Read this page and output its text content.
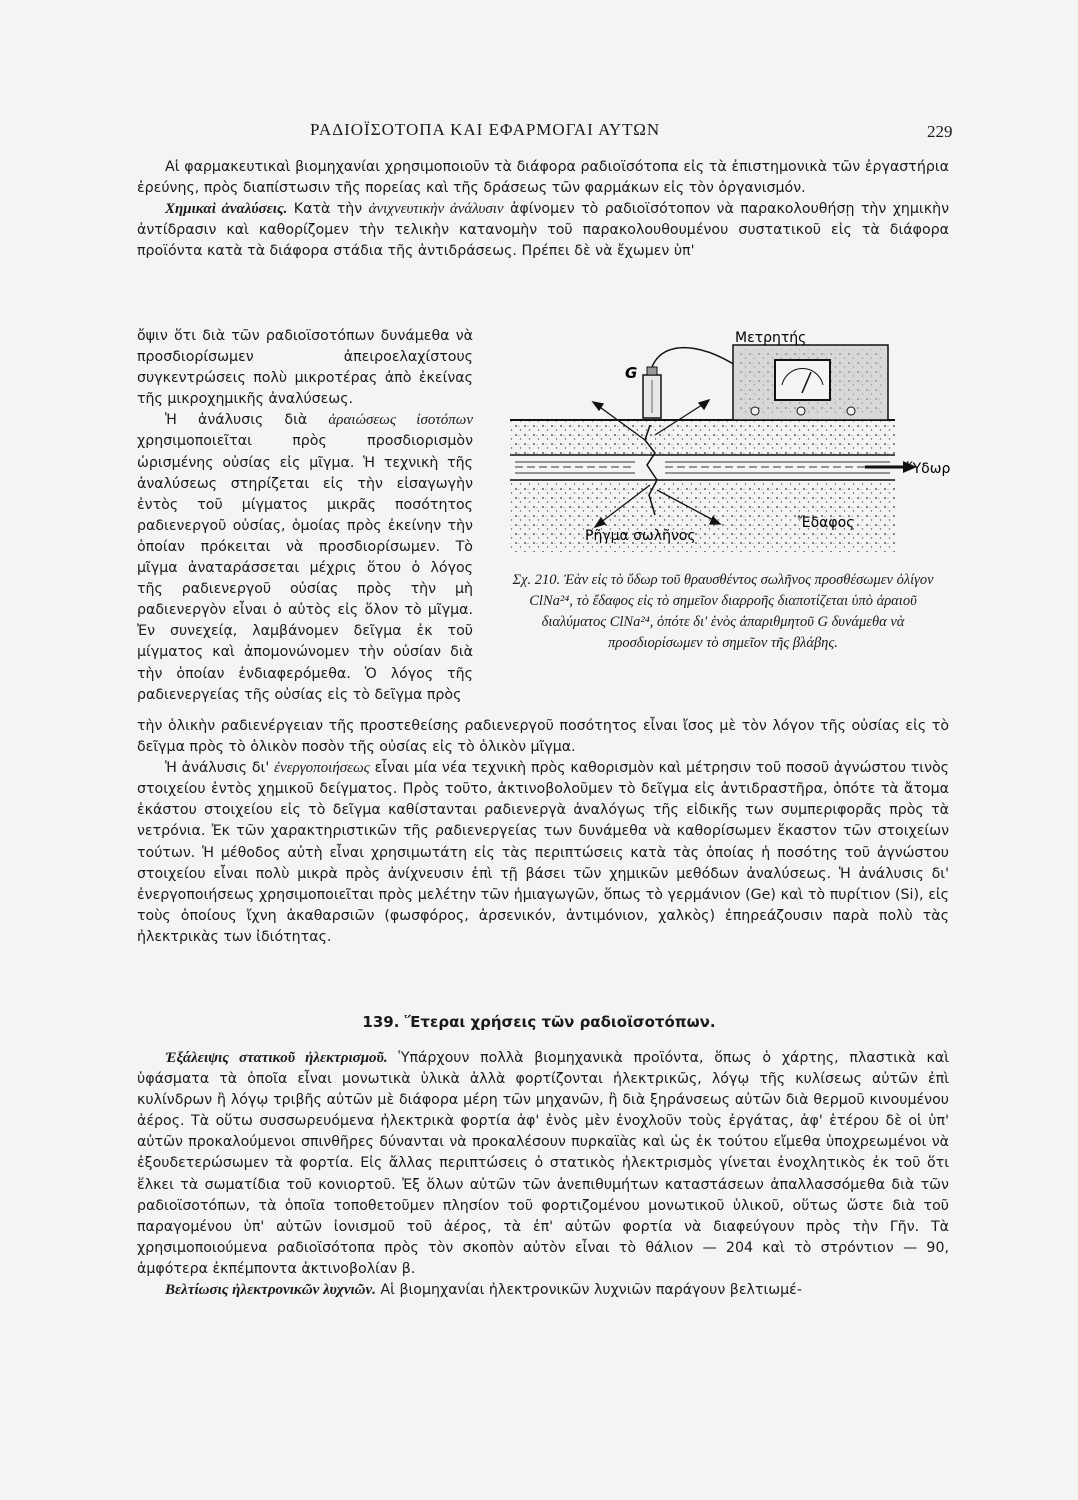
ΡΑΔΙΟΪΣΟΤΟΠΑ ΚΑΙ ΕΦΑΡΜΟΓΑΙ ΑΥΤΩΝ	229

Αἱ φαρμακευτικαὶ βιομηχανίαι χρησιμοποιοῦν τὰ διάφορα ραδιοϊσότοπα εἰς τὰ ἐπιστημονικὰ τῶν ἐργαστήρια ἐρεύνης, πρὸς διαπίστωσιν τῆς πορείας καὶ τῆς δράσεως τῶν φαρμάκων εἰς τὸν ὀργανισμόν.

Χημικαὶ ἀναλύσεις. Κατὰ τὴν ἀνιχνευτικὴν ἀνάλυσιν ἀφίνομεν τὸ ραδιοϊσότοπον νὰ παρακολουθήσῃ τὴν χημικὴν ἀντίδρασιν καὶ καθορίζομεν τὴν τελικὴν κατανομὴν τοῦ παρακολουθουμένου συστατικοῦ εἰς τὰ διάφορα προϊόντα κατὰ τὰ διάφορα στάδια τῆς ἀντιδράσεως. Πρέπει δὲ νὰ ἔχωμεν ὑπ'

ὄψιν ὅτι διὰ τῶν ραδιοϊσοτόπων δυνάμεθα νὰ προσδιορίσωμεν ἀπειροελαχίστους συγκεντρώσεις πολὺ μικροτέρας ἀπὸ ἐκείνας τῆς μικροχημικῆς ἀναλύσεως.

Ἡ ἀνάλυσις διὰ ἀραιώσεως ἰσοτόπων χρησιμοποιεῖται πρὸς προσδιορισμὸν ὡρισμένης οὐσίας εἰς μῖγμα. Ἡ τεχνικὴ τῆς ἀναλύσεως στηρίζεται εἰς τὴν εἰσαγωγὴν ἐντὸς τοῦ μίγματος μικρᾶς ποσότητος ραδιενεργοῦ οὐσίας, ὁμοίας πρὸς ἐκείνην τὴν ὁποίαν πρόκειται νὰ προσδιορίσωμεν. Τὸ μῖγμα ἀναταράσσεται μέχρις ὅτου ὁ λόγος τῆς ραδιενεργοῦ οὐσίας πρὸς τὴν μὴ ραδιενεργὸν εἶναι ὁ αὐτὸς εἰς ὅλον τὸ μῖγμα. Ἐν συνεχείᾳ, λαμβάνομεν δεῖγμα ἐκ τοῦ μίγματος καὶ ἀπομονώνομεν τὴν οὐσίαν διὰ τὴν ὁποίαν ἐνδιαφερόμεθα. Ὁ λόγος τῆς ραδιενεργείας τῆς οὐσίας εἰς τὸ δεῖγμα πρὸς

Μετρητής
G
Ὕδωρ
Ἔδαφος
Ρῆγμα σωλῆνος
Σχ. 210. Ἐὰν εἰς τὸ ὕδωρ τοῦ θραυσθέντος σωλῆνος προσθέσωμεν ὀλίγον ClNa²⁴, τὸ ἔδαφος εἰς τὸ σημεῖον διαρροῆς διαποτίζεται ὑπὸ ἀραιοῦ διαλύματος ClNa²⁴, ὁπότε δι' ἑνὸς ἀπαριθμητοῦ G δυνάμεθα νὰ προσδιορίσωμεν τὸ σημεῖον τῆς βλάβης.

τὴν ὁλικὴν ραδιενέργειαν τῆς προστεθείσης ραδιενεργοῦ ποσότητος εἶναι ἴσος μὲ τὸν λόγον τῆς οὐσίας εἰς τὸ δεῖγμα πρὸς τὸ ὁλικὸν ποσὸν τῆς οὐσίας εἰς τὸ ὁλικὸν μῖγμα.

Ἡ ἀνάλυσις δι' ἐνεργοποιήσεως εἶναι μία νέα τεχνικὴ πρὸς καθορισμὸν καὶ μέτρησιν τοῦ ποσοῦ ἀγνώστου τινὸς στοιχείου ἐντὸς χημικοῦ δείγματος. Πρὸς τοῦτο, ἀκτινοβολοῦμεν τὸ δεῖγμα εἰς ἀντιδραστῆρα, ὁπότε τὰ ἄτομα ἑκάστου στοιχείου εἰς τὸ δεῖγμα καθίστανται ραδιενεργὰ ἀναλόγως τῆς εἰδικῆς των συμπεριφορᾶς πρὸς τὰ νετρόνια. Ἐκ τῶν χαρακτηριστικῶν τῆς ραδιενεργείας των δυνάμεθα νὰ καθορίσωμεν ἕκαστον τῶν στοιχείων τούτων. Ἡ μέθοδος αὐτὴ εἶναι χρησιμωτάτη εἰς τὰς περιπτώσεις κατὰ τὰς ὁποίας ἡ ποσότης τοῦ ἀγνώστου στοιχείου εἶναι πολὺ μικρὰ πρὸς ἀνίχνευσιν ἐπὶ τῇ βάσει τῶν χημικῶν μεθόδων ἀναλύσεως. Ἡ ἀνάλυσις δι' ἐνεργοποιήσεως χρησιμοποιεῖται πρὸς μελέτην τῶν ἡμιαγωγῶν, ὅπως τὸ γερμάνιον (Ge) καὶ τὸ πυρίτιον (Si), εἰς τοὺς ὁποίους ἴχνη ἀκαθαρσιῶν (φωσφόρος, ἀρσενικόν, ἀντιμόνιον, χαλκὸς) ἐπηρεάζουσιν παρὰ πολὺ τὰς ἠλεκτρικὰς των ἰδιότητας.

139. Ἕτεραι χρήσεις τῶν ραδιοϊσοτόπων.

Ἐξάλειψις στατικοῦ ἠλεκτρισμοῦ. Ὑπάρχουν πολλὰ βιομηχανικὰ προϊόντα, ὅπως ὁ χάρτης, πλαστικὰ καὶ ὑφάσματα τὰ ὁποῖα εἶναι μονωτικὰ ὑλικὰ ἀλλὰ φορτίζονται ἠλεκτρικῶς, λόγῳ τῆς κυλίσεως αὐτῶν ἐπὶ κυλίνδρων ἢ λόγῳ τριβῆς αὐτῶν μὲ διάφορα μέρη τῶν μηχανῶν, ἢ διὰ ξηράνσεως αὐτῶν διὰ θερμοῦ κινουμένου ἀέρος. Τὰ οὕτω συσσωρευόμενα ἠλεκτρικὰ φορτία ἀφ' ἑνὸς μὲν ἐνοχλοῦν τοὺς ἐργάτας, ἀφ' ἑτέρου δὲ οἱ ὑπ' αὐτῶν προκαλούμενοι σπινθῆρες δύνανται νὰ προκαλέσουν πυρκαϊὰς καὶ ὡς ἐκ τούτου εἴμεθα ὑποχρεωμένοι νὰ ἐξουδετερώσωμεν τὰ φορτία. Εἰς ἄλλας περιπτώσεις ὁ στατικὸς ἠλεκτρισμὸς γίνεται ἐνοχλητικὸς ἐκ τοῦ ὅτι ἕλκει τὰ σωματίδια τοῦ κονιορτοῦ. Ἐξ ὅλων αὐτῶν τῶν ἀνεπιθυμήτων καταστάσεων ἀπαλλασσόμεθα διὰ τῶν ραδιοϊσοτόπων, τὰ ὁποῖα τοποθετοῦμεν πλησίον τοῦ φορτιζομένου μονωτικοῦ ὑλικοῦ, οὕτως ὥστε διὰ τοῦ παραγομένου ὑπ' αὐτῶν ἰονισμοῦ τοῦ ἀέρος, τὰ ἐπ' αὐτῶν φορτία νὰ διαφεύγουν πρὸς τὴν Γῆν. Τὰ χρησιμοποιούμενα ραδιοϊσότοπα πρὸς τὸν σκοπὸν αὐτὸν εἶναι τὸ θάλιον — 204 καὶ τὸ στρόντιον — 90, ἀμφότερα ἐκπέμποντα ἀκτινοβολίαν β.

Βελτίωσις ἠλεκτρονικῶν λυχνιῶν. Αἱ βιομηχανίαι ἠλεκτρονικῶν λυχνιῶν παράγουν βελτιωμέ-
